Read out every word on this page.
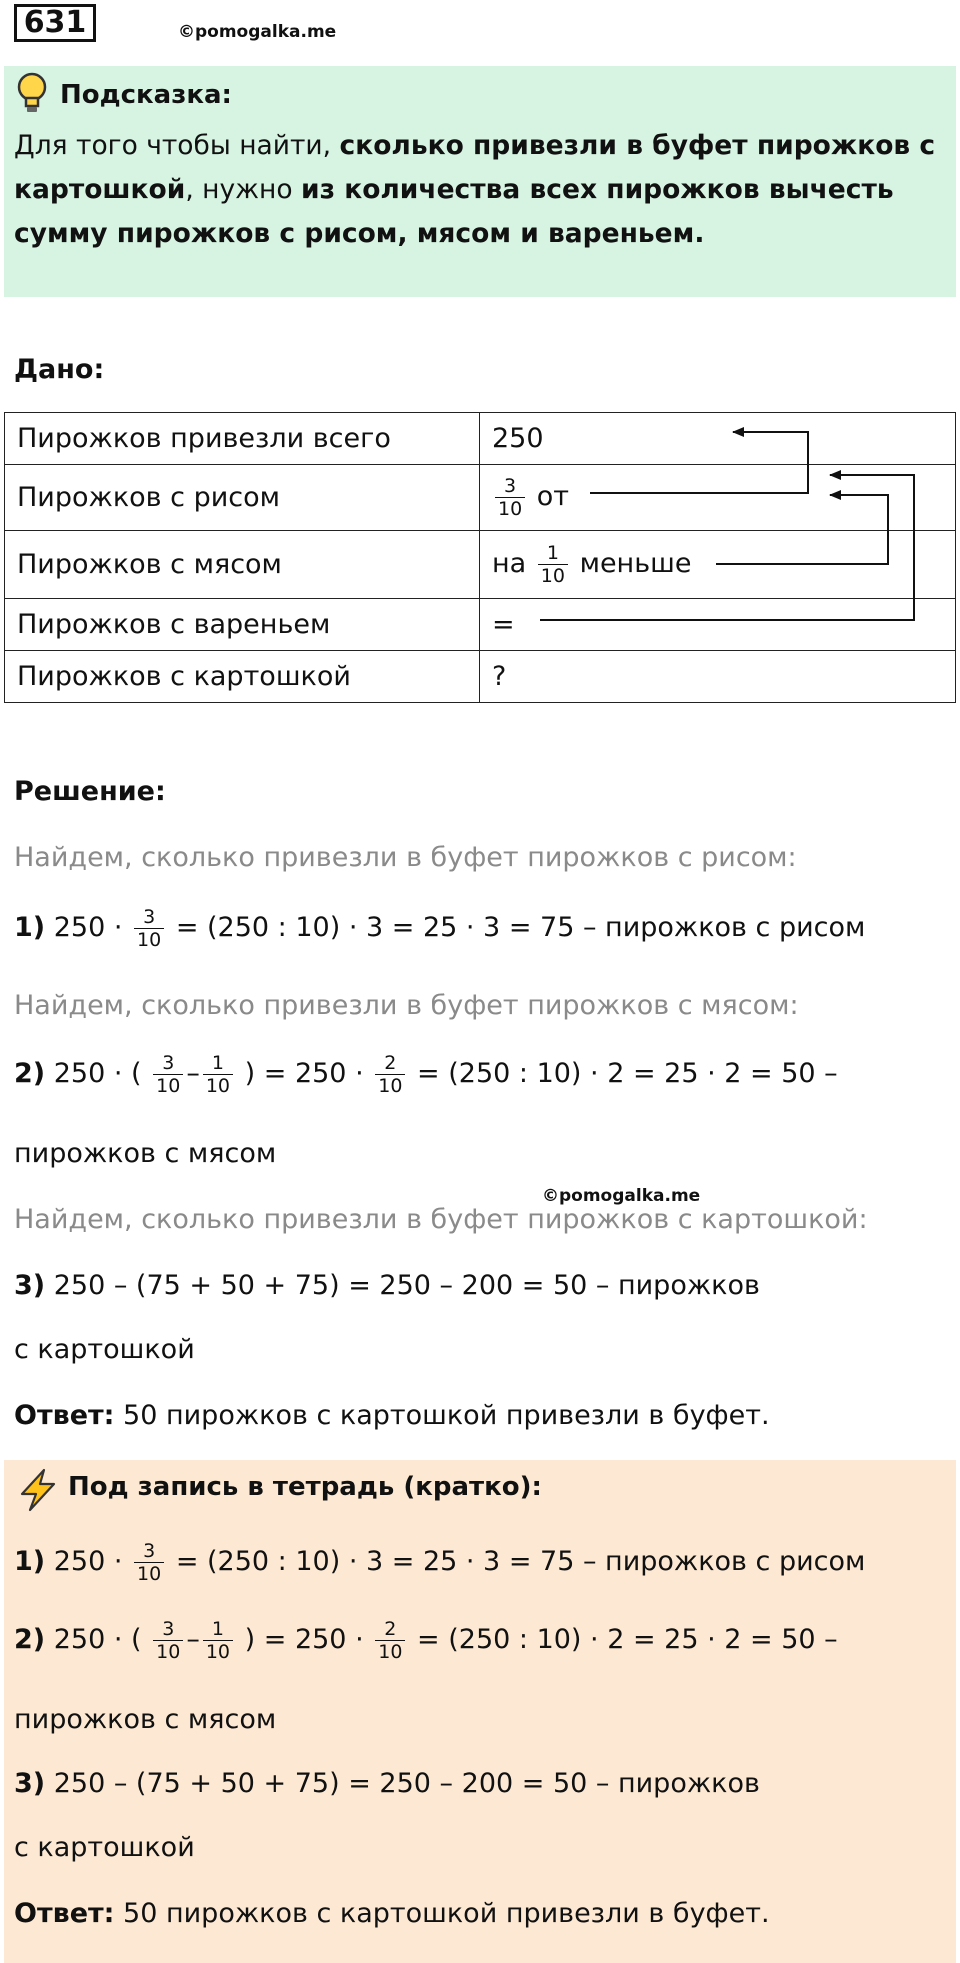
631	©pomogalka.me
Подсказка:
Для того чтобы найти, сколько привезли в буфет пирожков с картошкой, нужно из количества всех пирожков вычесть сумму пирожков с рисом, мясом и вареньем.
Дано:
Пирожков привезли всего	250
Пирожков с рисом	$\frac{3}{10}$ от
Пирожков с мясом	на $\frac{1}{10}$ меньше
Пирожков с вареньем	=
Пирожков с картошкой	?
Решение:
Найдем, сколько привезли в буфет пирожков с рисом:
1) $250 \cdot \frac{3}{10} = (250$ : 10) · 3 = 25 · 3 = 75 – пирожков с рисом
Найдем, сколько привезли в буфет пирожков с мясом:
2) 250 · ( $\frac{3}{10} - \frac{1}{10}$ ) = $250 \cdot \frac{2}{10} = (250$ : 10) · 2 = 25 · 2 = 50 –
пирожков с мясом
©pomogalka.me
Найдем, сколько привезли в буфет пирожков с картошкой:
3) 250 – (75 + 50 + 75) = 250 – 200 = 50 – пирожков
с картошкой
Ответ: 50 пирожков с картошкой привезли в буфет.
Под запись в тетрадь (кратко):
1) $250 \cdot \frac{3}{10} = (250$ : 10) · 3 = 25 · 3 = 75 – пирожков с рисом
2) 250 · ( $\frac{3}{10} - \frac{1}{10}$ ) = $250 \cdot \frac{2}{10} = (250$ : 10) · 2 = 25 · 2 = 50 –
пирожков с мясом
3) 250 – (75 + 50 + 75) = 250 – 200 = 50 – пирожков
с картошкой
Ответ: 50 пирожков с картошкой привезли в буфет.
